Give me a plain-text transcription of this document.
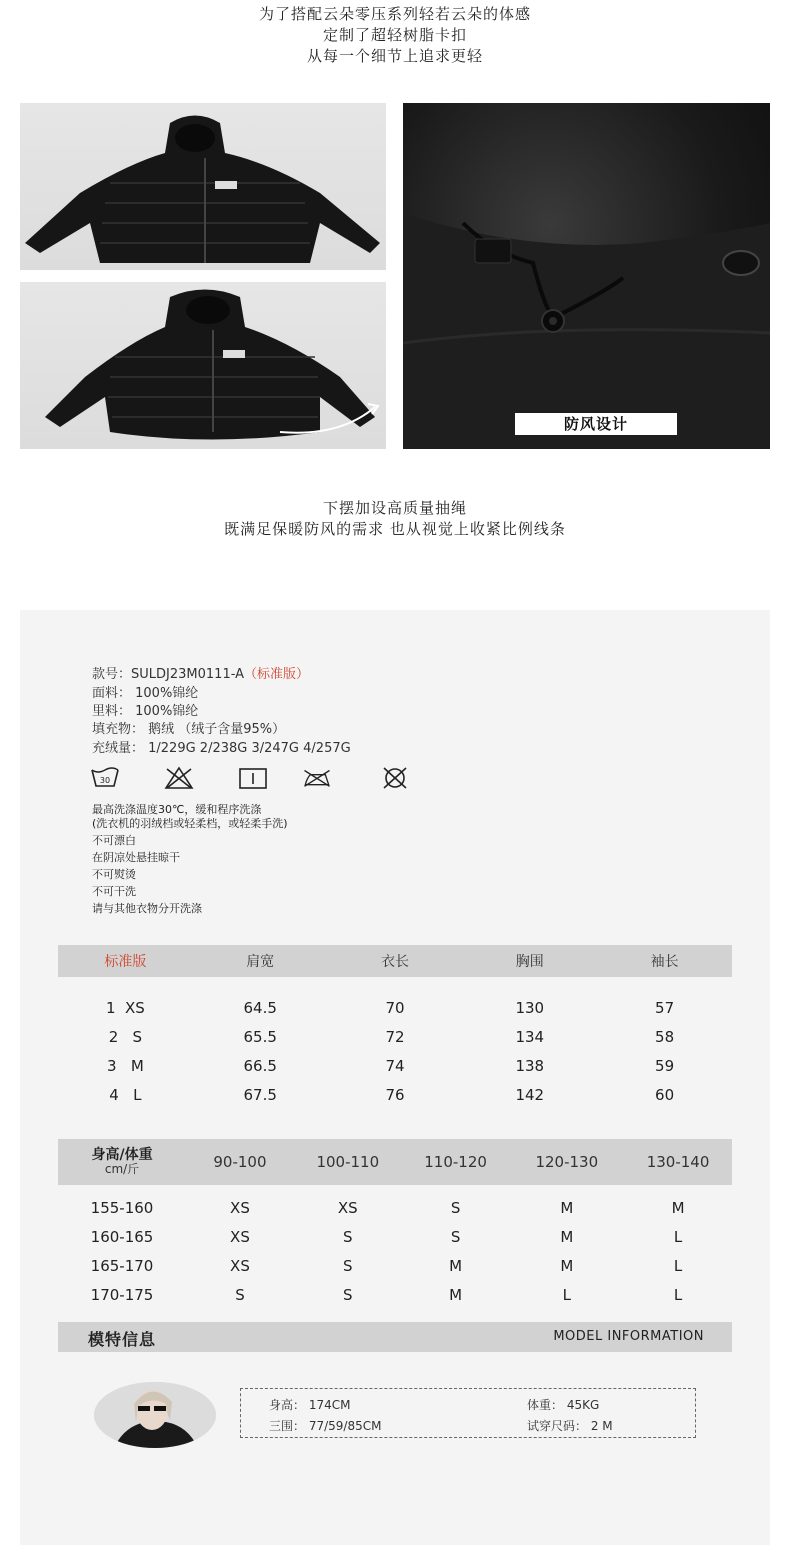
为了搭配云朵零压系列轻若云朵的体感
定制了超轻树脂卡扣
从每一个细节上追求更轻
防风设计
下摆加设高质量抽绳
既满足保暖防风的需求 也从视觉上收紧比例线条
款号：SULDJ23M0111-A（标准版）
面料： 100%锦纶
里料： 100%锦纶
填充物： 鹅绒 （绒子含量95%）
充绒量： 1/229G 2/238G 3/247G 4/257G
30
最高洗涤温度30℃，缓和程序洗涤
(洗衣机的羽绒档或轻柔档，或轻柔手洗)
不可漂白
在阴凉处悬挂晾干
不可熨烫
不可干洗
请与其他衣物分开洗涤
标准版	肩宽	衣长	胸围	袖长

1  XS	64.5	70	130	57
2   S	65.5	72	134	58
3   M	66.5	74	138	59
4   L	67.5	76	142	60
身高/体重
cm/斤	90-100	100-110	110-120	120-130	130-140

155-160	XS	XS	S	M	M
160-165	XS	S	S	M	L
165-170	XS	S	M	M	L
170-175	S	S	M	L	L
模特信息	MODEL INFORMATION
身高： 174CM	体重： 45KG
三围： 77/59/85CM	试穿尺码： 2 M
